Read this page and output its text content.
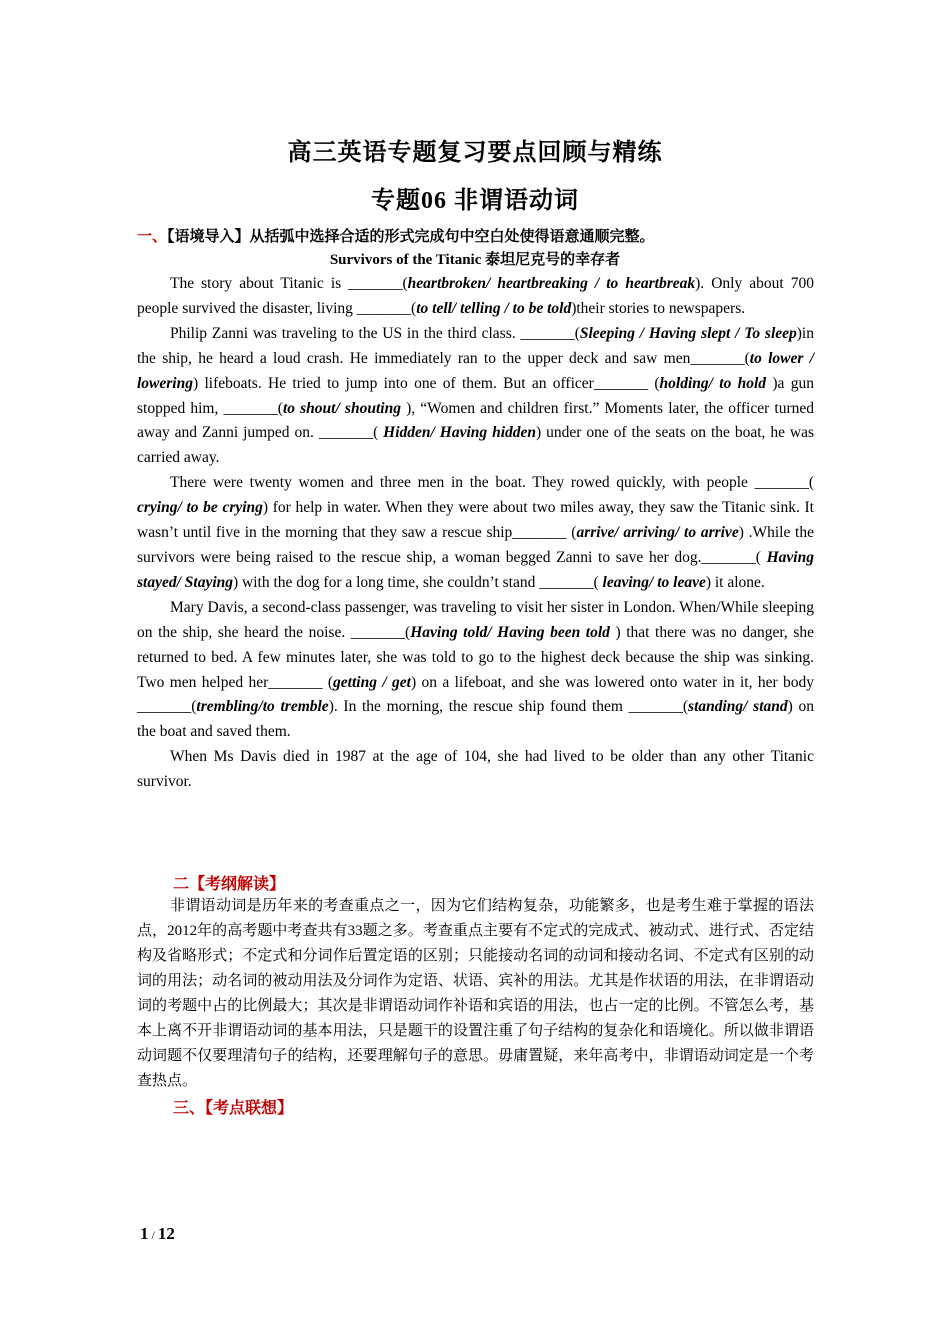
高三英语专题复习要点回顾与精练
专题06 非谓语动词
一、【语境导入】从括弧中选择合适的形式完成句中空白处使得语意通顺完整。
Survivors of the Titanic 泰坦尼克号的幸存者

The story about Titanic is _______(heartbroken/ heartbreaking / to heartbreak). Only about 700 people survived the disaster, living _______(to tell/ telling / to be told)their stories to newspapers.

Philip Zanni was traveling to the US in the third class. _______(Sleeping / Having slept / To sleep)in the ship, he heard a loud crash. He immediately ran to the upper deck and saw men_______(to lower / lowering) lifeboats. He tried to jump into one of them. But an officer_______ (holding/ to hold )a gun stopped him, _______(to shout/ shouting ), “Women and children first.” Moments later, the officer turned away and Zanni jumped on. _______( Hidden/ Having hidden) under one of the seats on the boat, he was carried away.

There were twenty women and three men in the boat. They rowed quickly, with people _______( crying/ to be crying) for help in water. When they were about two miles away, they saw the Titanic sink. It wasn’t until five in the morning that they saw a rescue ship_______ (arrive/ arriving/ to arrive) .While the survivors were being raised to the rescue ship, a woman begged Zanni to save her dog._______( Having stayed/ Staying) with the dog for a long time, she couldn’t stand _______( leaving/ to leave) it alone.

Mary Davis, a second-class passenger, was traveling to visit her sister in London. When/While sleeping on the ship, she heard the noise. _______(Having told/ Having been told ) that there was no danger, she returned to bed. A few minutes later, she was told to go to the highest deck because the ship was sinking. Two men helped her_______ (getting / get) on a lifeboat, and she was lowered onto water in it, her body _______(trembling/to tremble). In the morning, the rescue ship found them _______(standing/ stand) on the boat and saved them.

When Ms Davis died in 1987 at the age of 104, she had lived to be older than any other Titanic survivor.

二【考纲解读】

非谓语动词是历年来的考查重点之一，因为它们结构复杂，功能繁多，也是考生难于掌握的语法点，2012年的高考题中考查共有33题之多。考查重点主要有不定式的完成式、被动式、进行式、否定结构及省略形式；不定式和分词作后置定语的区别；只能接动名词的动词和接动名词、不定式有区别的动词的用法；动名词的被动用法及分词作为定语、状语、宾补的用法。尤其是作状语的用法，在非谓语动词的考题中占的比例最大；其次是非谓语动词作补语和宾语的用法，也占一定的比例。不管怎么考，基本上离不开非谓语动词的基本用法，只是题干的设置注重了句子结构的复杂化和语境化。所以做非谓语动词题不仅要理清句子的结构，还要理解句子的意思。毋庸置疑，来年高考中，非谓语动词定是一个考查热点。

三、【考点联想】
1 / 12
